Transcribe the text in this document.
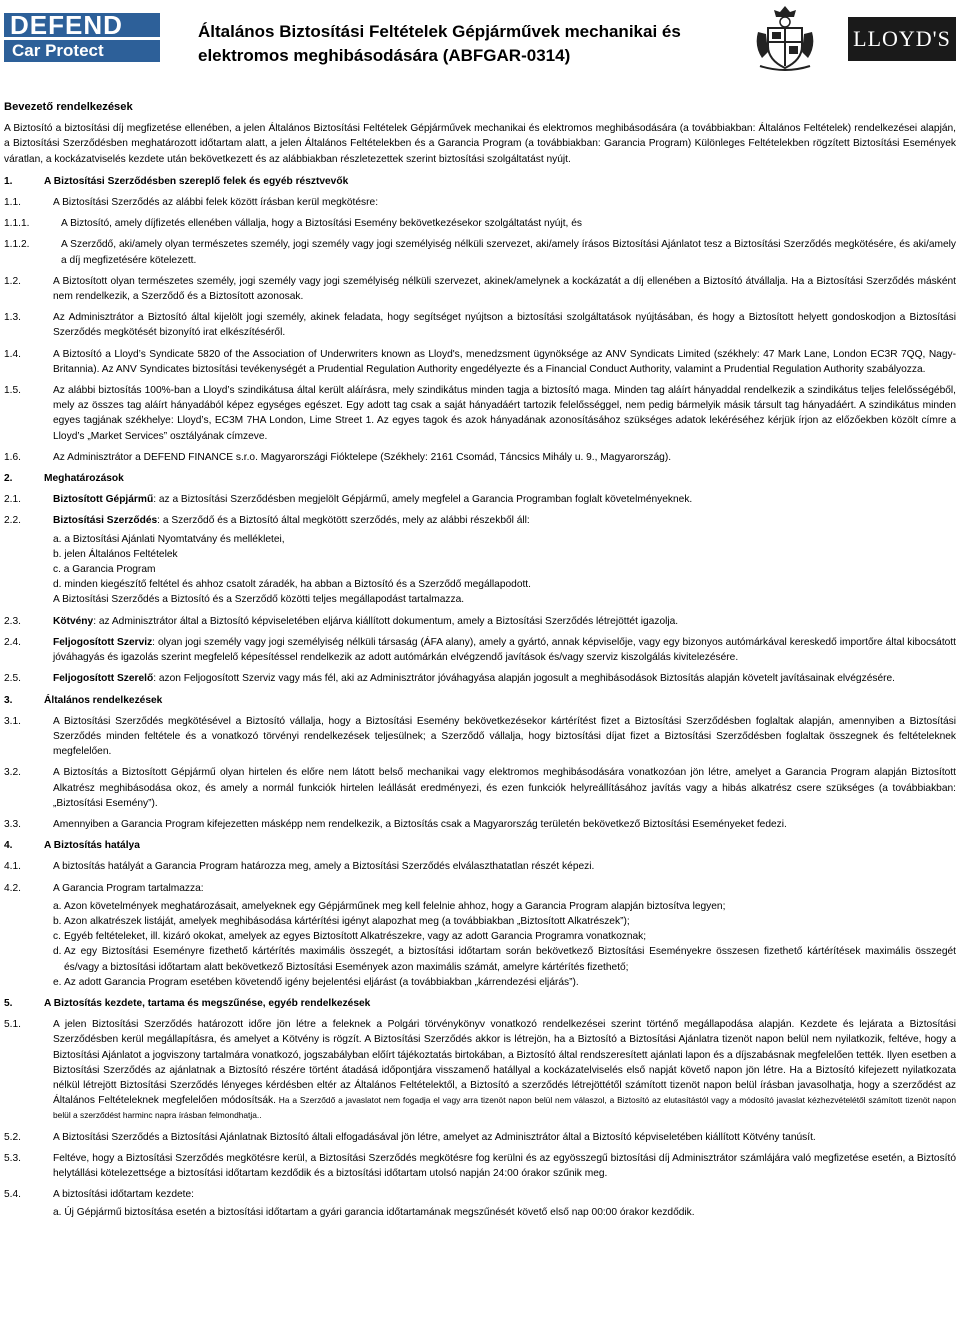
DEFEND
Car Protect
Általános Biztosítási Feltételek Gépjárművek mechanikai és elektromos meghibásodására (ABFGAR-0314)
LLOYD'S
Bevezető rendelkezések
A Biztosító a biztosítási díj megfizetése ellenében, a jelen Általános Biztosítási Feltételek Gépjárművek mechanikai és elektromos meghibásodására (a továbbiakban: Általános Feltételek) rendelkezései alapján, a Biztosítási Szerződésben meghatározott időtartam alatt, a jelen Általános Feltételekben és a Garancia Program (a továbbiakban: Garancia Program) Különleges Feltételekben rögzített Biztosítási Események váratlan, a kockázatviselés kezdete után bekövetkezett és az alábbiakban részletezettek szerint biztosítási szolgáltatást nyújt.
1.	A Biztosítási Szerződésben szereplő felek és egyéb résztvevők
1.1.	A Biztosítási Szerződés az alábbi felek között írásban kerül megkötésre:
1.1.1.	A Biztosító, amely díjfizetés ellenében vállalja, hogy a Biztosítási Esemény bekövetkezésekor szolgáltatást nyújt, és
1.1.2.	A Szerződő, aki/amely olyan természetes személy, jogi személy vagy jogi személyiség nélküli szervezet, aki/amely írásos Biztosítási Ajánlatot tesz a Biztosítási Szerződés megkötésére, és aki/amely a díj megfizetésére kötelezett.
1.2.	A Biztosított olyan természetes személy, jogi személy vagy jogi személyiség nélküli szervezet, akinek/amelynek a kockázatát a díj ellenében a Biztosító átvállalja. Ha a Biztosítási Szerződés másként nem rendelkezik, a Szerződő és a Biztosított azonosak.
1.3.	Az Adminisztrátor a Biztosító által kijelölt jogi személy, akinek feladata, hogy segítséget nyújtson a biztosítási szolgáltatások nyújtásában, és hogy a Biztosított helyett gondoskodjon a Biztosítási Szerződés megkötését bizonyító irat elkészítéséről.
1.4.	A Biztosító a Lloyd’s Syndicate 5820 of the Association of Underwriters known as Lloyd's, menedzsment ügynöksége az ANV Syndicats Limited (székhely: 47 Mark Lane, London EC3R 7QQ, Nagy-Britannia). Az ANV Syndicates biztosítási tevékenységét a Prudential Regulation Authority engedélyezte és a Financial Conduct Authority, valamint a Prudential Regulation Authority szabályozza.
1.5.	Az alábbi biztosítás 100%-ban a Lloyd’s szindikátusa által került aláírásra, mely szindikátus minden tagja a biztosító maga. Minden tag aláírt hányaddal rendelkezik a szindikátus teljes felelősségéből, mely az összes tag aláírt hányadából képez egységes egészet. Egy adott tag csak a saját hányadáért tartozik felelősséggel, nem pedig bármelyik másik társult tag hányadáért. A szindikátus minden egyes tagjának székhelye: Lloyd’s, EC3M 7HA London, Lime Street 1. Az egyes tagok és azok hányadának azonosításához szükséges adatok lekéréséhez kérjük írjon az előzőekben közölt címre a Lloyd’s „Market Services” osztályának címzeve.
1.6.	Az Adminisztrátor a DEFEND FINANCE s.r.o. Magyarországi Fióktelepe (Székhely: 2161 Csomád, Táncsics Mihály u. 9., Magyarország).
2.	Meghatározások
2.1.	Biztosított Gépjármű: az a Biztosítási Szerződésben megjelölt Gépjármű, amely megfelel a Garancia Programban foglalt követelményeknek.
2.2.	Biztosítási Szerződés: a Szerződő és a Biztosító által megkötött szerződés, mely az alábbi részekből áll:
a. a Biztosítási Ajánlati Nyomtatvány és mellékletei,
b. jelen Általános Feltételek
c. a Garancia Program
d. minden kiegészítő feltétel és ahhoz csatolt záradék, ha abban a Biztosító és a Szerződő megállapodott.
A Biztosítási Szerződés a Biztosító és a Szerződő közötti teljes megállapodást tartalmazza.
2.3.	Kötvény: az Adminisztrátor által a Biztosító képviseletében eljárva kiállított dokumentum, amely a Biztosítási Szerződés létrejöttét igazolja.
2.4.	Feljogosított Szerviz: olyan jogi személy vagy jogi személyiség nélküli társaság (ÁFA alany), amely a gyártó, annak képviselője, vagy egy bizonyos autómárkával kereskedő importőre által kibocsátott jóváhagyás és igazolás szerint megfelelő képesítéssel rendelkezik az adott autómárkán elvégzendő javítások és/vagy szerviz kiszolgálás kivitelezésére.
2.5.	Feljogosított Szerelő: azon Feljogosított Szerviz vagy más fél, aki az Adminisztrátor jóváhagyása alapján jogosult a meghibásodások Biztosítás alapján követelt javításainak elvégzésére.
3.	Általános rendelkezések
3.1.	A Biztosítási Szerződés megkötésével a Biztosító vállalja, hogy a Biztosítási Esemény bekövetkezésekor kártérítést fizet a Biztosítási Szerződésben foglaltak alapján, amennyiben a Biztosítási Szerződés minden feltétele és a vonatkozó törvényi rendelkezések teljesülnek; a Szerződő vállalja, hogy biztosítási díjat fizet a Biztosítási Szerződésben foglaltak összegnek és feltételeknek megfelelően.
3.2.	A Biztosítás a Biztosított Gépjármű olyan hirtelen és előre nem látott belső mechanikai vagy elektromos meghibásodására vonatkozóan jön létre, amelyet a Garancia Program alapján Biztosított Alkatrész meghibásodása okoz, és amely a normál funkciók hirtelen leállását eredményezi, és ezen funkciók helyreállításához javítás vagy a hibás alkatrész csere szükséges (a továbbiakban: „Biztosítási Esemény”).
3.3.	Amennyiben a Garancia Program kifejezetten másképp nem rendelkezik, a Biztosítás csak a Magyarország területén bekövetkező Biztosítási Eseményeket fedezi.
4.	A Biztosítás hatálya
4.1.	A biztosítás hatályát a Garancia Program határozza meg, amely a Biztosítási Szerződés elválaszthatatlan részét képezi.
4.2.	A Garancia Program tartalmazza:
a. Azon követelmények meghatározásait, amelyeknek egy Gépjárműnek meg kell felelnie ahhoz, hogy a Garancia Program alapján biztosítva legyen;
b. Azon alkatrészek listáját, amelyek meghibásodása kártérítési igényt alapozhat meg (a továbbiakban „Biztosított Alkatrészek”);
c. Egyéb feltételeket, ill. kizáró okokat, amelyek az egyes Biztosított Alkatrészekre, vagy az adott Garancia Programra vonatkoznak;
d. Az egy Biztosítási Eseményre fizethető kártérítés maximális összegét, a biztosítási időtartam során bekövetkező Biztosítási Eseményekre összesen fizethető kártérítések maximális összegét és/vagy a biztosítási időtartam alatt bekövetkező Biztosítási Események azon maximális számát, amelyre kártérítés fizethető;
e. Az adott Garancia Program esetében követendő igény bejelentési eljárást (a továbbiakban „kárrendezési eljárás”).
5.	A Biztosítás kezdete, tartama és megszűnése, egyéb rendelkezések
5.1.	A jelen Biztosítási Szerződés határozott időre jön létre a feleknek a Polgári törvénykönyv vonatkozó rendelkezései szerint történő megállapodása alapján. Kezdete és lejárata a Biztosítási Szerződésben kerül megállapításra, és amelyet a Kötvény is rögzít. A Biztosítási Szerződés akkor is létrejön, ha a Biztosító a Biztosítási Ajánlatra tizenöt napon belül nem nyilatkozik, feltéve, hogy a Biztosítási Ajánlatot a jogviszony tartalmára vonatkozó, jogszabályban előírt tájékoztatás birtokában, a Biztosító által rendszeresített ajánlati lapon és a díjszabásnak megfelelően tették. Ilyen esetben a Biztosítási Szerződés az ajánlatnak a Biztosító részére történt átadásá időpontjára visszamenő hatállyal a kockázatelviselés első napját követő napon jön létre. Ha a Biztosító kifejezett nyilatkozata nélkül létrejött Biztosítási Szerződés lényeges kérdésben eltér az Általános Feltételektől, a Biztosító a szerződés létrejöttétől számított tizenöt napon belül írásban javasolhatja, hogy a szerződést az Általános Feltételeknek megfelelően módosítsák. Ha a Szerződő a javaslatot nem fogadja el vagy arra tizenöt napon belül nem válaszol, a Biztosító az elutasítástól vagy a módosító javaslat kézhezvételétől számított tizenöt napon belül a szerződést harminc napra írásban felmondhatja..
5.2.	A Biztosítási Szerződés a Biztosítási Ajánlatnak Biztosító általi elfogadásával jön létre, amelyet az Adminisztrátor által a Biztosító képviseletében kiállított Kötvény tanúsít.
5.3.	Feltéve, hogy a Biztosítási Szerződés megkötésre kerül, a Biztosítási Szerződés megkötésre fog kerülni és az egyösszegű biztosítási díj Adminisztrátor számlájára való megfizetése esetén, a Biztosító helytállási kötelezettsége a biztosítási időtartam kezdődik és a biztosítási időtartam utolsó napján 24:00 órakor szűnik meg.
5.4.	A biztosítási időtartam kezdete:
a. Új Gépjármű biztosítása esetén a biztosítási időtartam a gyári garancia időtartamának megszűnését követő első nap 00:00 órakor kezdődik.
